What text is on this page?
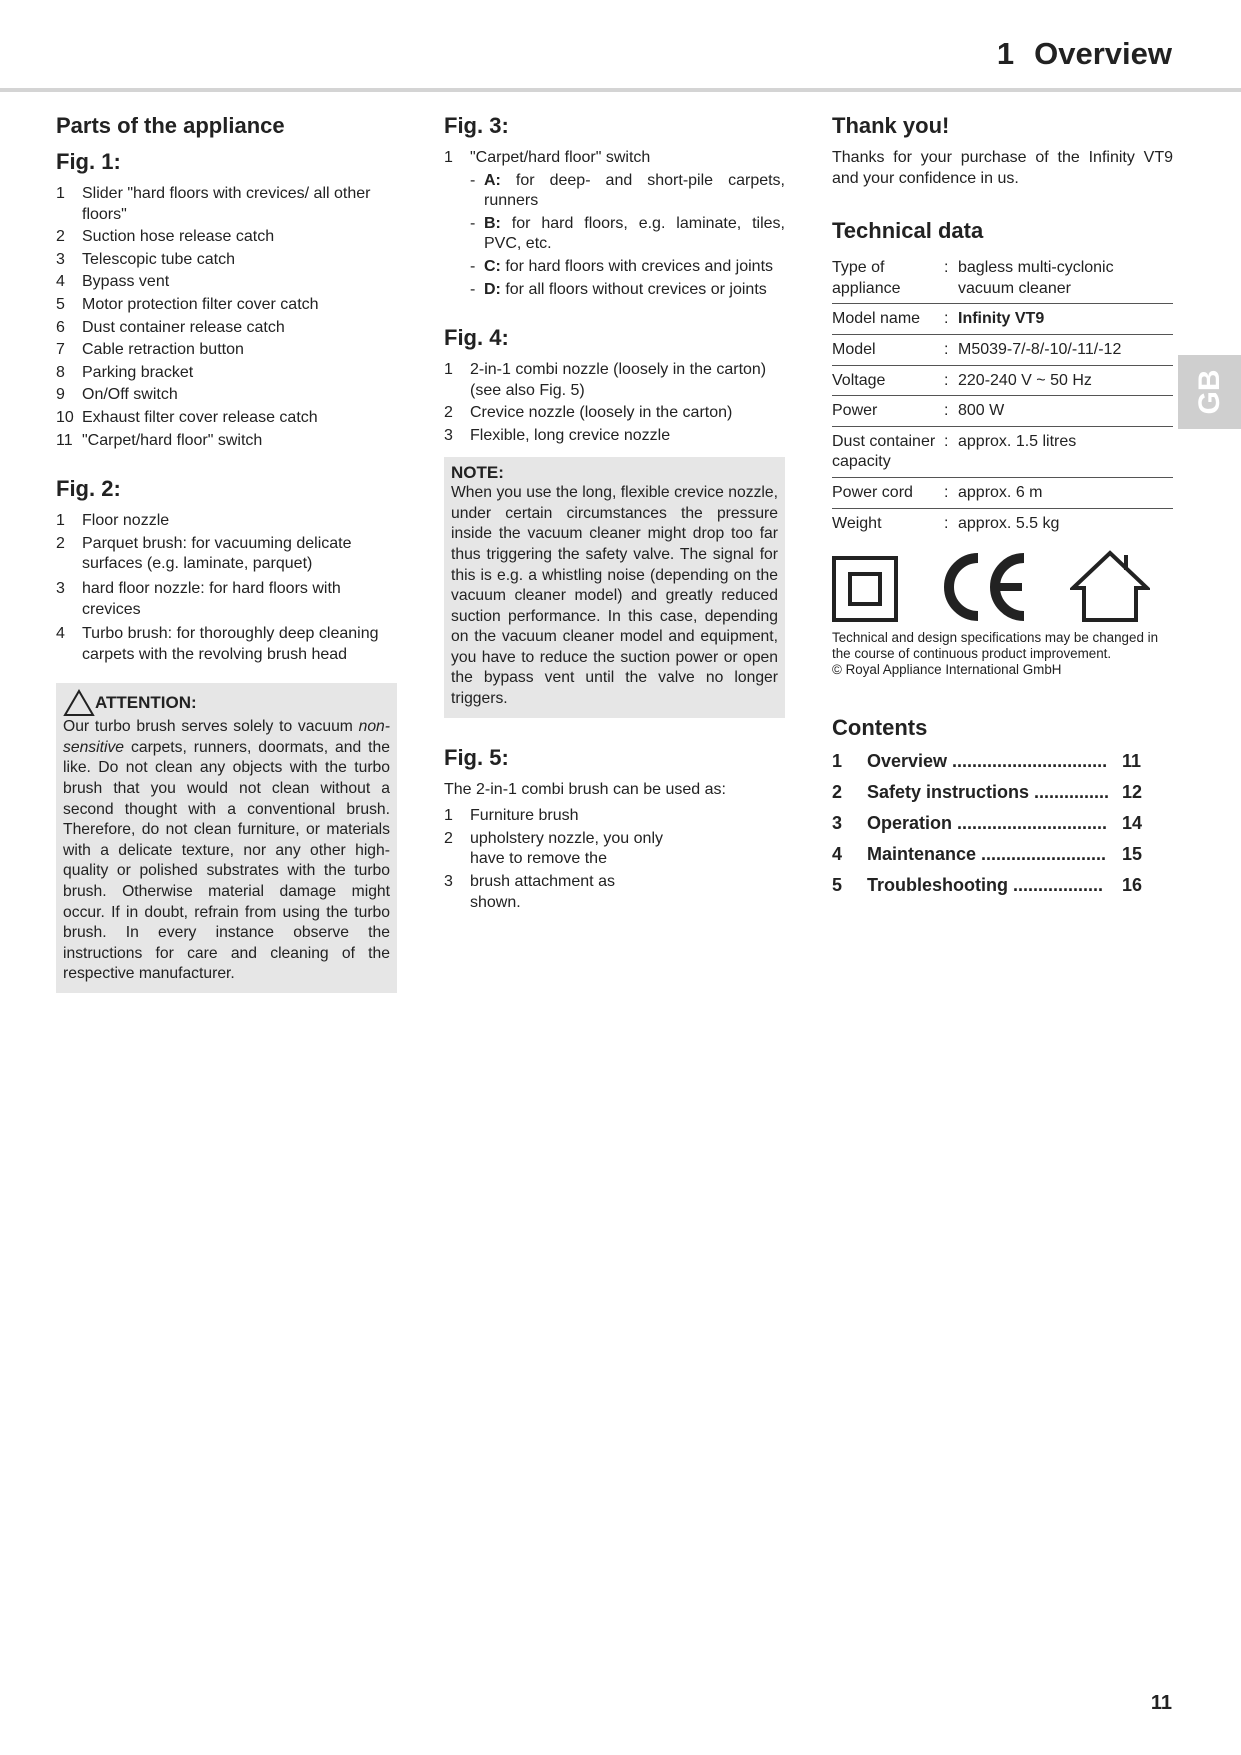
1 Overview
Parts of the appliance
Fig. 1:
1 Slider "hard floors with crevices/ all other floors"
2 Suction hose release catch
3 Telescopic tube catch
4 Bypass vent
5 Motor protection filter cover catch
6 Dust container release catch
7 Cable retraction button
8 Parking bracket
9 On/Off switch
10 Exhaust filter cover release catch
11 "Carpet/hard floor" switch
Fig. 2:
1 Floor nozzle
2 Parquet brush: for vacuuming delicate surfaces (e.g. laminate, parquet)
3 hard floor nozzle: for hard floors with crevices
4 Turbo brush: for thoroughly deep cleaning carpets with the revolving brush head
ATTENTION:

Our turbo brush serves solely to vacuum non-sensitive carpets, runners, doormats, and the like. Do not clean any objects with the turbo brush that you would not clean without a second thought with a conventional brush. Therefore, do not clean furniture, or materials with a delicate texture, nor any other high-quality or polished substrates with the turbo brush. Otherwise material damage might occur. If in doubt, refrain from using the turbo brush. In every instance observe the instructions for care and cleaning of the respective manufacturer.

Fig. 3:
1 "Carpet/hard floor" switch
- A: for deep- and short-pile carpets, runners
- B: for hard floors, e.g. laminate, tiles, PVC, etc.
- C: for hard floors with crevices and joints
- D: for all floors without crevices or joints
Fig. 4:
1 2-in-1 combi nozzle (loosely in the carton) (see also Fig. 5)
2 Crevice nozzle (loosely in the carton)
3 Flexible, long crevice nozzle
NOTE:

When you use the long, flexible crevice nozzle, under certain circumstances the pressure inside the vacuum cleaner might drop too far thus triggering the safety valve. The signal for this is e.g. a whistling noise (depending on the vacuum cleaner model) and greatly reduced suction performance. In this case, depending on the vacuum cleaner model and equipment, you have to reduce the suction power or open the bypass vent until the valve no longer triggers.

Fig. 5:

The 2-in-1 combi brush can be used as:

1 Furniture brush
2 upholstery nozzle, you only have to remove the
3 brush attachment as shown.
Thank you!

Thanks for your purchase of the Infinity VT9 and your confidence in us.

Technical data
Type of appliance	:	bagless multi-cyclonic vacuum cleaner
Model name	:	Infinity VT9
Model	:	M5039-7/-8/-10/-11/-12
Voltage	:	220-240 V ~ 50 Hz
Power	:	800 W
Dust container capacity	:	approx. 1.5 litres
Power cord	:	approx. 6 m
Weight	:	approx. 5.5 kg
Technical and design specifications may be changed in the course of continuous product improvement.
© Royal Appliance International GmbH
Contents
1	Overview ............................... 11
2	Safety instructions ............... 12
3	Operation .............................. 14
4	Maintenance ......................... 15
5	Troubleshooting ..................	16
GB
11
